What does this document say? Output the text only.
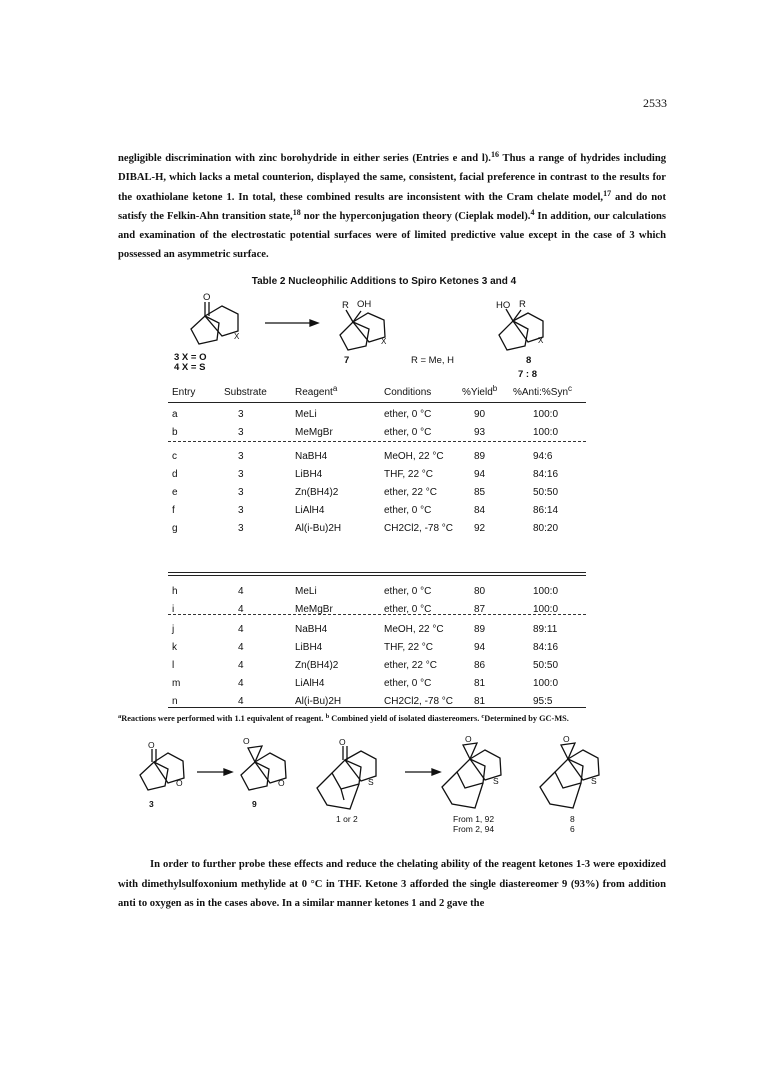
2533

negligible discrimination with zinc borohydride in either series (Entries e and l).$^{16}$ Thus a range of hydrides including DIBAL-H, which lacks a metal counterion, displayed the same, consistent, facial preference in contrast to the results for the oxathiolane ketone 1. In total, these combined results are inconsistent with the Cram chelate model,$^{17}$ and do not satisfy the Felkin-Ahn transition state,$^{18}$ nor the hyperconjugation theory (Cieplak model).$^4$ In addition, our calculations and examination of the electrostatic potential surfaces were of limited predictive value except in the case of 3 which possessed an asymmetric surface.

Table 2 Nucleophilic Additions to Spiro Ketones 3 and 4
O
X
R OH
X
HO R
X
3 X = O
4 X = S
7	R = Me, H	8
7 : 8
Entry	Substrate	Reagent$^a$	Conditions	%Yield$^b$ %Anti:%Syn$^c$
a	3	MeLi	ether, 0 °C	90	100:0
b	3	MeMgBr	ether, 0 °C	93	100:0
c	3	NaBH4	MeOH, 22 °C	89	94:6
d	3	LiBH4	THF, 22 °C	94	84:16
e	3	Zn(BH4)2	ether, 22 °C	85	50:50
f	3	LiAlH4	ether, 0 °C	84	86:14
g	3	Al(i-Bu)2H	CH2Cl2, -78 °C 92	80:20
h	4	MeLi	ether, 0 °C	80	100:0
i	4	MeMgBr	ether, 0 °C	87	100:0
j	4	NaBH4	MeOH, 22 °C	89	89:11
k	4	LiBH4	THF, 22 °C	94	84:16
l	4	Zn(BH4)2	ether, 22 °C	86	50:50
m	4	LiAlH4	ether, 0 °C	81	100:0
n	4	Al(i-Bu)2H	CH2Cl2, -78 °C 81	95:5
$^a$Reactions were performed with 1.1 equivalent of reagent. $^b$ Combined yield of isolated diastereomers. $^c$Determined by GC-MS.
O
O
O
O
O
S
O
S
O
S
3	9
1 or 2	From 1, 92
From 2, 94
8
6

In order to further probe these effects and reduce the chelating ability of the reagent ketones 1-3 were epoxidized with dimethylsulfoxonium methylide at 0 °C in THF. Ketone 3 afforded the single diastereomer 9 (93%) from addition anti to oxygen as in the cases above. In a similar manner ketones 1 and 2 gave the
